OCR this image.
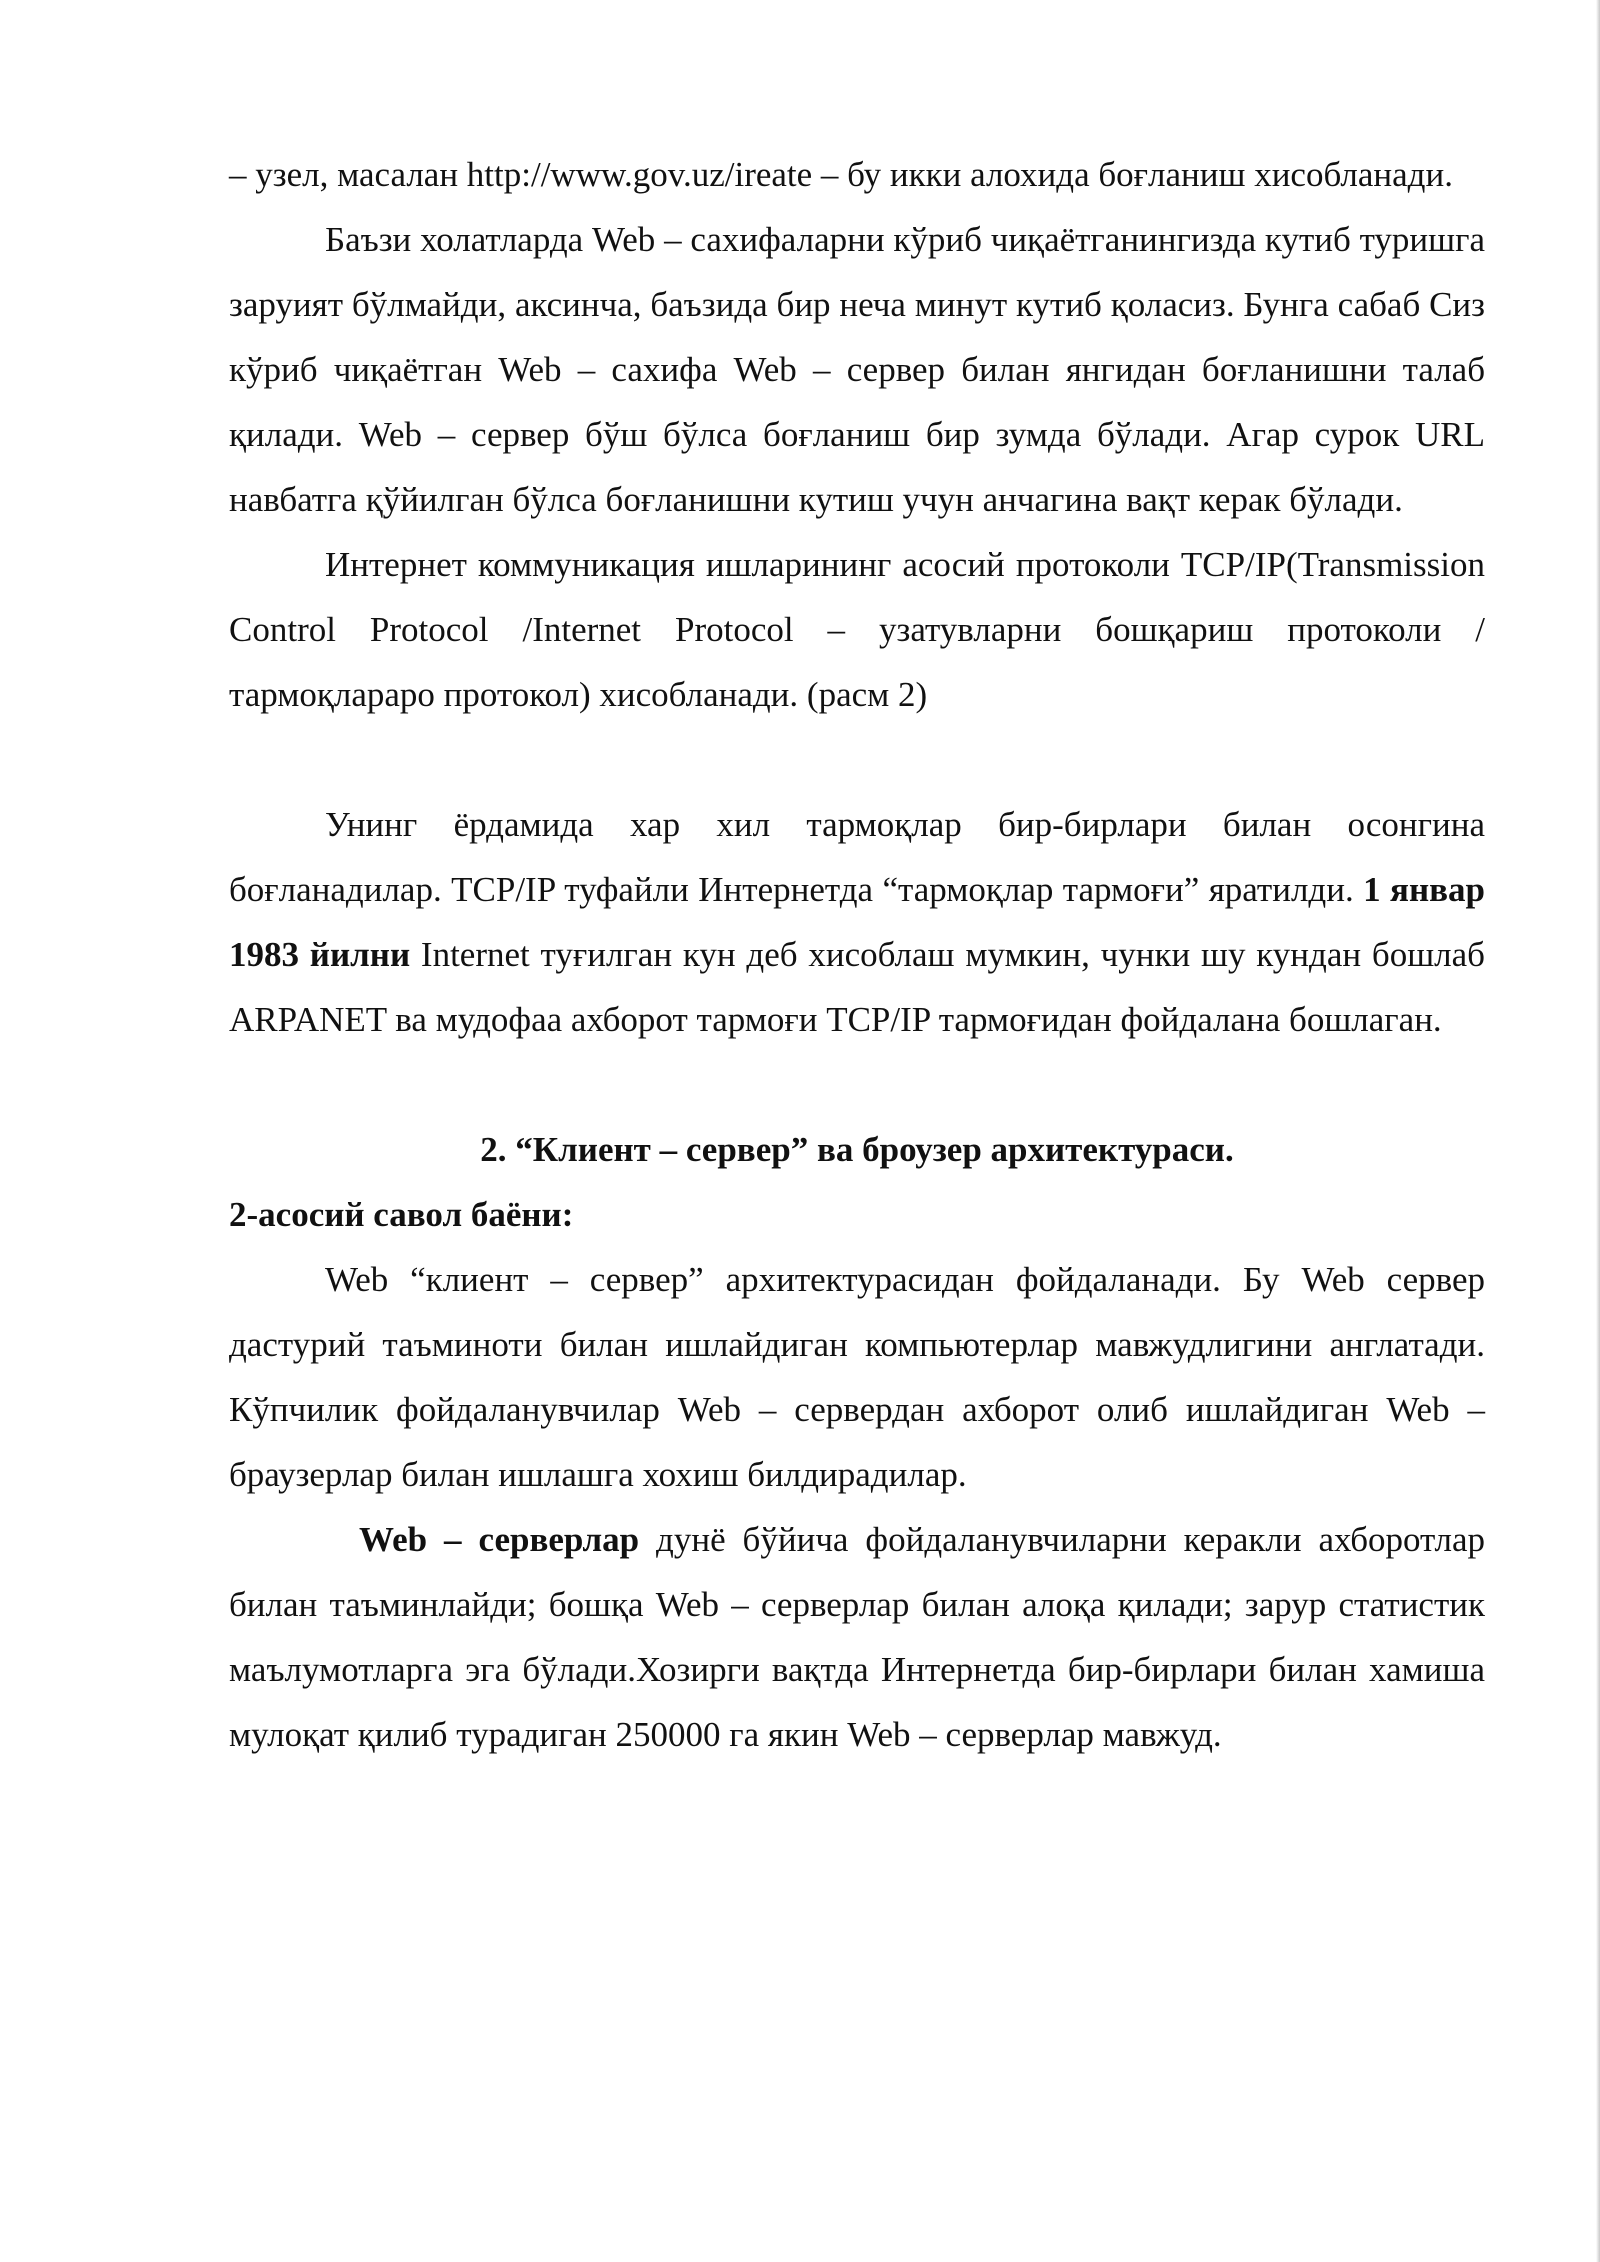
– узел, масалан http://www.gov.uz/ireate – бу икки алохида боғланиш хисобланади.

Баъзи холатларда Web – сахифаларни кўриб чиқаётганингизда кутиб туришга заруият бўлмайди, аксинча, баъзида бир неча минут кутиб қоласиз. Бунга сабаб Сиз кўриб чиқаётган Web – сахифа Web – сервер билан янгидан боғланишни талаб қилади. Web – сервер бўш бўлса боғланиш бир зумда бўлади. Агар сурок URL навбатга қўйилган бўлса боғланишни кутиш учун анчагина вақт керак бўлади.

Интернет коммуникация ишларининг асосий протоколи TCP/IP(Transmission Control Protocol /Internet Protocol – узатувларни бошқариш протоколи / тармоқлараро протокол) хисобланади. (расм 2)

Унинг ёрдамида хар хил тармоқлар бир-бирлари билан осонгина боғланадилар. TCP/IP туфайли Интернетда “тармоқлар тармоғи” яратилди. 1 январ 1983 йилни Internet туғилган кун деб хисоблаш мумкин, чунки шу кундан бошлаб ARPANET ва мудофаа ахборот тармоғи TCP/IP тармоғидан фойдалана бошлаган.

2. “Клиент – сервер” ва броузер архитектураси.

2-асосий савол баёни:

Web “клиент – сервер” архитектурасидан фойдаланади. Бу Web сервер дастурий таъминоти билан ишлайдиган компьютерлар мавжудлигини англатади. Кўпчилик фойдаланувчилар Web – сервердан ахборот олиб ишлайдиган Web – браузерлар билан ишлашга хохиш билдирадилар.

Web – серверлар дунё бўйича фойдаланувчиларни керакли ахборотлар билан таъминлайди; бошқа Web – серверлар билан алоқа қилади; зарур статистик маълумотларга эга бўлади.Хозирги вақтда Интернетда бир-бирлари билан хамиша мулоқат қилиб турадиган 250000 га якин Web – серверлар мавжуд.
